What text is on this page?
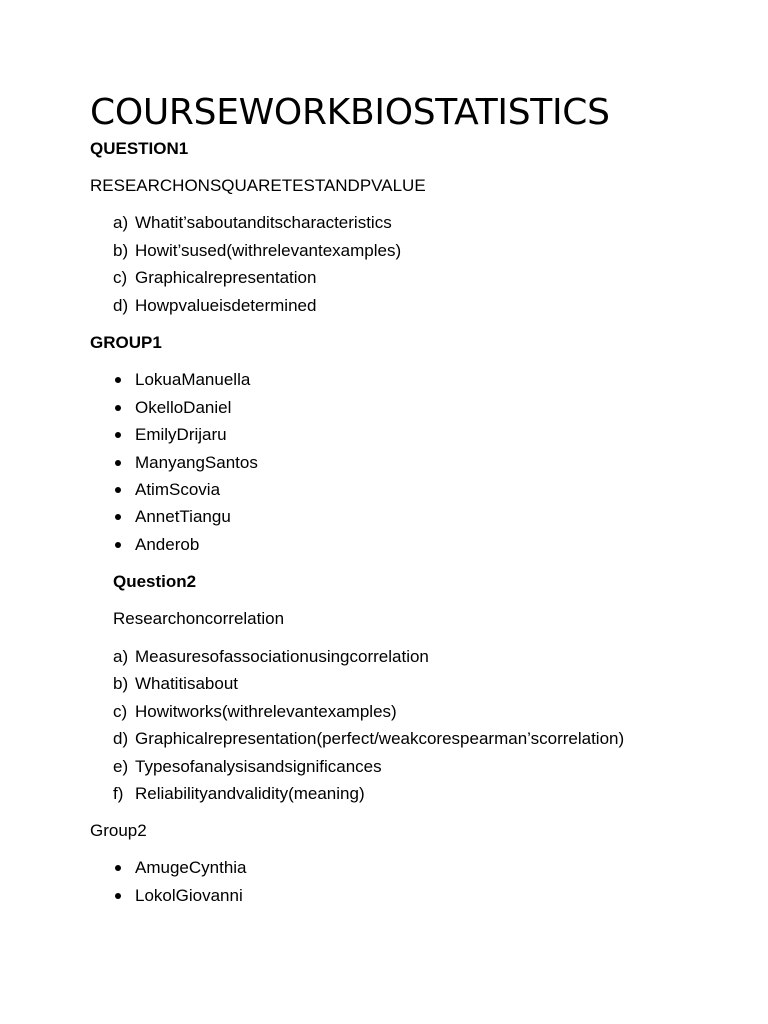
COURSEWORKBIOSTATISTICS
QUESTION1
RESEARCHONSQUARETESTANDPVALUE
a) Whatit’saboutanditscharacteristics
b) Howit’sused(withrelevantexamples)
c) Graphicalrepresentation
d) Howpvalueisdetermined
GROUP1
LokuaManuella
OkelloDaniel
EmilyDrijaru
ManyangSantos
AtimScovia
AnnetTiangu
Anderob
Question2
Researchoncorrelation
a) Measuresofassociationusingcorrelation
b) Whatitisabout
c) Howitworks(withrelevantexamples)
d) Graphicalrepresentation(perfect/weakcorespearman’scorrelation)
e) Typesofanalysisandsignificances
f) Reliabilityandvalidity(meaning)
Group2
AmugeCynthia
LokolGiovanni
